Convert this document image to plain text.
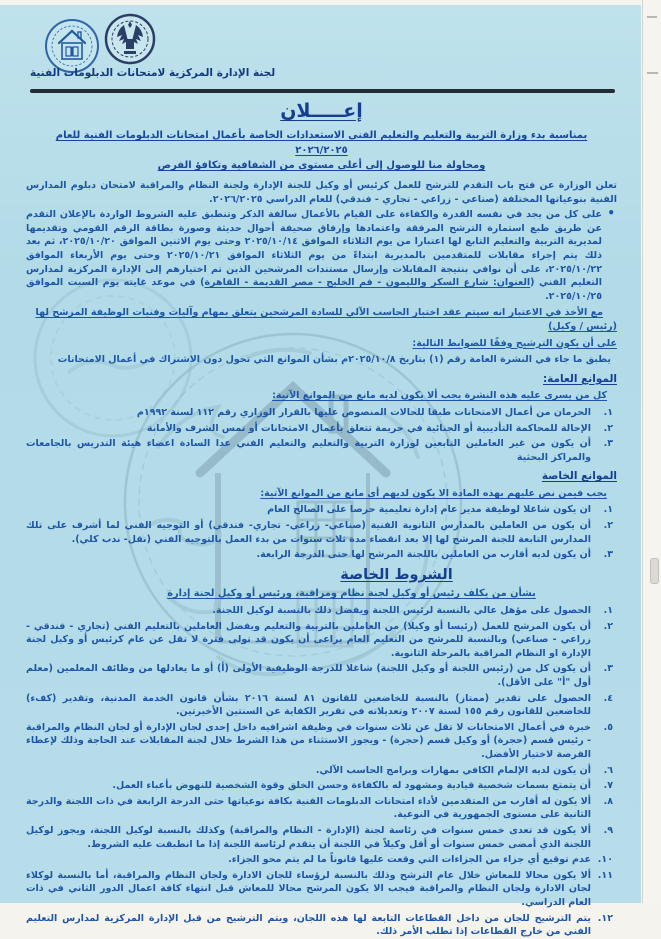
لجنة الإدارة المركزية لامتحانات الدبلومات الفنية
إعـــــلان
بمناسبة بدء وزارة التربية والتعليم والتعليم الفني الاستعدادات الخاصة بأعمال امتحانات الدبلومات الفنية للعام
٢٠٢٦/٢٠٢٥
ومحاولة منا للوصول إلى أعلى مستوى من الشفافية وتكافؤ الفرص
تعلن الوزارة عن فتح باب التقدم للترشح للعمل كرئيس أو وكيل للجنة الإدارة ولجنة النظام والمراقبة لامتحان دبلوم المدارس الفنية بنوعياتها المختلفة (صناعي - زراعي - تجاري - فندقي) للعام الدراسي ٢٠٢٦/٢٠٢٥.
•
على كل من يجد في نفسه القدرة والكفاءة على القيام بالأعمال سالفة الذكر وتنطبق عليه الشروط الواردة بالإعلان التقدم عن طريق طبع استمارة الترشح المرفقة واعتمادها وإرفاق صحيفة أحوال حديثة وصورة بطاقة الرقم القومي وتقديمها لمديرية التربية والتعليم التابع لها اعتبارا من يوم الثلاثاء الموافق ٢٠٢٥/١٠/١٤ وحتى يوم الاثنين الموافق ٢٠٢٥/١٠/٢٠، ثم بعد ذلك يتم إجراء مقابلات للمتقدمين بالمديرية ابتداءً من يوم الثلاثاء الموافق ٢٠٢٥/١٠/٢١ وحتى يوم الأربعاء الموافق ٢٠٢٥/١٠/٢٢، على أن نوافي بنتيجة المقابلات وإرسال مستندات المرشحين الذين تم اختيارهم إلى الإدارة المركزية لمدارس التعليم الفني (العنوان: شارع السكر والليمون - فم الخليج - مصر القديمة - القاهرة) في موعد غايته يوم السبت الموافق ٢٠٢٥/١٠/٢٥.
مع الأخذ في الاعتبار انه سيتم عقد اختبار الحاسب الآلي للسادة المرشحين يتعلق بمهام وآليات وفنيات الوظيفة المرشح لها (رئيس / وكيل)
على أن يكون الترشيح وفقًا للضوابط التالية:
يطبق ما جاء في النشرة العامة رقم (١) بتاريخ ٢٠٢٥/١٠/٨م بشأن الموانع التي تحول دون الاشتراك في أعمال الامتحانات
الموانع العامة:
كل من يسري عليه هذه النشرة يجب ألا يكون لديه مانع من الموانع الآتية:
١.
الحرمان من أعمال الامتحانات طبقا للحالات المنصوص عليها بالقرار الوزاري رقم ١١٢ لسنة ١٩٩٢م
٢.
الإحالة للمحاكمة التأديبية أو الجنائية في جريمة تتعلق بأعمال الامتحانات أو تمس الشرف والأمانة
٣.
أن يكون من غير العاملين التابعين لوزارة التربية والتعليم والتعليم الفني عدا السادة اعضاء هيئة التدريس بالجامعات والمراكز البحثية
الموانع الخاصة
يجب فيمن نص عليهم بهذه المادة الا يكون لديهم أي مانع من الموانع الآتية:
١.
ان يكون شاغلا لوظيفة مدير عام إدارة تعليمية حرصا على الصالح العام
٢.
أن يكون من العاملين بالمدارس الثانوية الفنية (صناعي- زراعي- تجاري- فندقي) أو التوجيه الفني لما أشرف على تلك المدارس التابعة للجنة المرشح لها إلا بعد انقضاء مدة ثلاث سنوات من بدء العمل بالتوجيه الفني (نقل- ندب كلي).
٣.
أن يكون لديه أقارب من العاملين باللجنة المرشح لها حتى الدرجة الرابعة.
الشروط الخاصة
بشأن من يكلف رئيس أو وكيل لجنة نظام ومراقبة، ورئيس أو وكيل لجنة إدارة
١.
الحصول على مؤهل عالي بالنسبة لرئيس اللجنة ويفضل ذلك بالنسبة لوكيل اللجنة.
٢.
أن يكون المرشح للعمل (رئيسا أو وكيلا) من العاملين بالتربية والتعليم ويفضل العاملين بالتعليم الفني (تجاري - فندقي - زراعي - صناعي) وبالنسبة للمرشح من التعليم العام يراعى أن يكون قد تولى فترة لا تقل عن عام كرئيس أو وكيل لجنة الإدارة او النظام المراقبة بالمرحلة الثانوية.
٣.
أن يكون كل من (رئيس اللجنة أو وكيل اللجنة) شاغلا للدرجة الوظيفية الأولى (أ) أو ما يعادلها من وظائف المعلمين (معلم أول "أ" على الأقل).
٤.
الحصول على تقدير (ممتاز) بالنسبة للخاضعين للقانون ٨١ لسنة ٢٠١٦ بشأن قانون الخدمة المدنية، وتقدير (كفء) للخاضعين للقانون رقم ١٥٥ لسنة ٢٠٠٧ وتعديلاته في تقرير الكفاية عن السنتين الأخيرتين.
٥.
خبرة في أعمال الامتحانات لا تقل عن ثلاث سنوات في وظيفة اشرافيه داخل إحدى لجان الإدارة أو لجان النظام والمراقبة - رئيس قسم (حجرة) أو وكيل قسم (حجرة) - ويجوز الاستثناء من هذا الشرط خلال لجنة المقابلات عند الحاجة وذلك لإعطاء الفرصة لاختيار الأفضل.
٦.
أن يكون لديه الإلمام الكافي بمهارات وبرامج الحاسب الآلي.
٧.
أن يتمتع بسمات شخصية قيادية ومشهود له بالكفاءة وحسن الخلق وقوة الشخصية للنهوض بأعباء العمل.
٨.
ألا يكون له أقارب من المتقدمين لأداء امتحانات الدبلومات الفنية بكافة نوعياتها حتى الدرجة الرابعة في ذات اللجنة والدرجة الثانية على مستوى الجمهورية في النوعية.
٩.
ألا يكون قد تعدى خمس سنوات في رئاسة لجنة (الإدارة - النظام والمراقبة) وكذلك بالنسبة لوكيل اللجنة، ويجوز لوكيل اللجنة الذي أمضى خمس سنوات أو أقل وكيلاً في اللجنة أن يتقدم لرئاسة اللجنة إذا ما انطبقت عليه الشروط.
١٠.
عدم توقيع أي جزاء من الجزاءات التي وقعت عليها قانوناً ما لم يتم محو الجزاء.
١١.
ألا يكون محالا للمعاش خلال عام الترشح وذلك بالنسبة لرؤساء للجان الادارة ولجان النظام والمراقبة، أما بالنسبة لوكلاء لجان الادارة ولجان النظام والمراقبة فيجب الا يكون المرشح محالا للمعاش قبل انتهاء كافة اعمال الدور الثاني في ذات العام الدراسي.
١٢.
يتم الترشيح للجان من داخل القطاعات التابعة لها هذه اللجان، ويتم الترشيح من قبل الإدارة المركزية لمدارس التعليم الفني من خارج القطاعات إذا تطلب الأمر ذلك.
